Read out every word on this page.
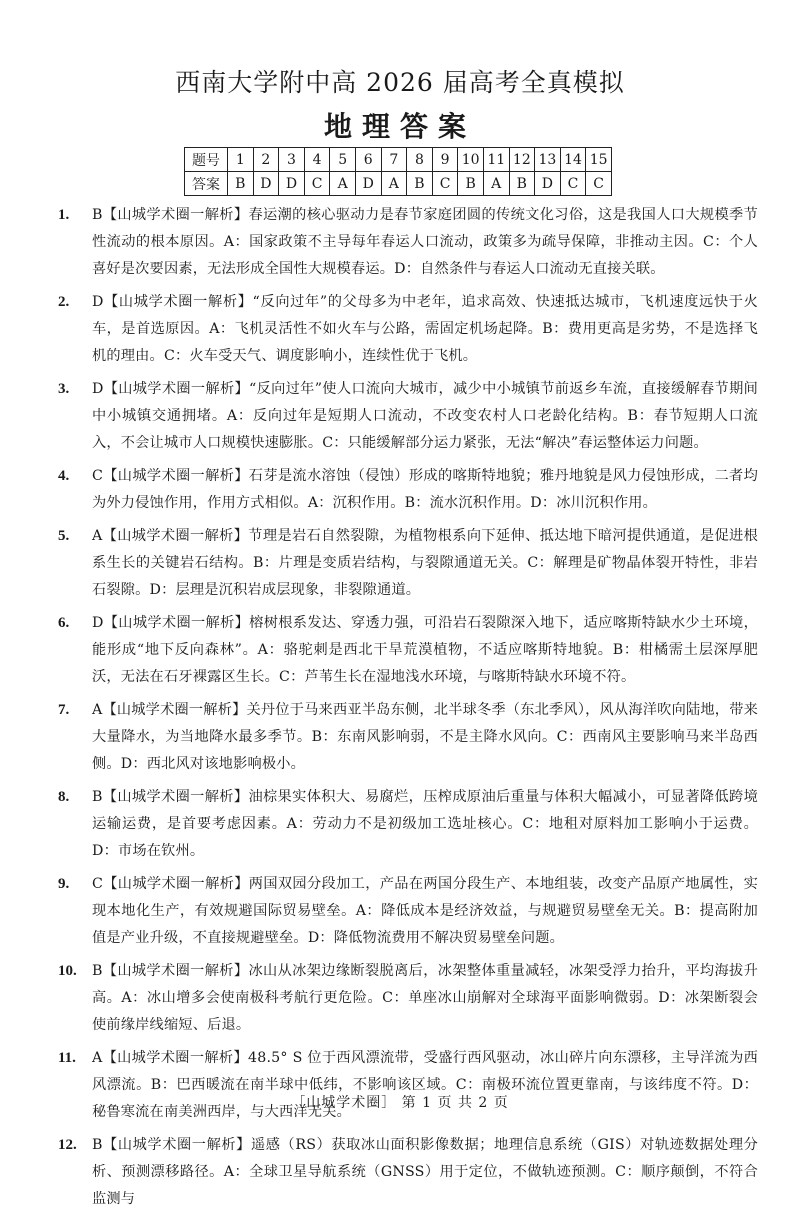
西南大学附中高 2026 届高考全真模拟
地理答案
题号	1	2	3	4	5	6	7	8	9	10	11	12	13	14	15
答案	B	D	D	C	A	D	A	B	C	B	A	B	D	C	C
1. B【山城学术圈一解析】春运潮的核心驱动力是春节家庭团圆的传统文化习俗，这是我国人口大规模季节性流动的根本原因。A：国家政策不主导每年春运人口流动，政策多为疏导保障，非推动主因。C：个人喜好是次要因素，无法形成全国性大规模春运。D：自然条件与春运人口流动无直接关联。
2. D【山城学术圈一解析】“反向过年”的父母多为中老年，追求高效、快速抵达城市，飞机速度远快于火车，是首选原因。A：飞机灵活性不如火车与公路，需固定机场起降。B：费用更高是劣势，不是选择飞机的理由。C：火车受天气、调度影响小，连续性优于飞机。
3. D【山城学术圈一解析】“反向过年”使人口流向大城市，减少中小城镇节前返乡车流，直接缓解春节期间中小城镇交通拥堵。A：反向过年是短期人口流动，不改变农村人口老龄化结构。B：春节短期人口流入，不会让城市人口规模快速膨胀。C：只能缓解部分运力紧张，无法“解决”春运整体运力问题。
4. C【山城学术圈一解析】石芽是流水溶蚀（侵蚀）形成的喀斯特地貌；雅丹地貌是风力侵蚀形成，二者均为外力侵蚀作用，作用方式相似。A：沉积作用。B：流水沉积作用。D：冰川沉积作用。
5. A【山城学术圈一解析】节理是岩石自然裂隙，为植物根系向下延伸、抵达地下暗河提供通道，是促进根系生长的关键岩石结构。B：片理是变质岩结构，与裂隙通道无关。C：解理是矿物晶体裂开特性，非岩石裂隙。D：层理是沉积岩成层现象，非裂隙通道。
6. D【山城学术圈一解析】榕树根系发达、穿透力强，可沿岩石裂隙深入地下，适应喀斯特缺水少土环境，能形成“地下反向森林”。A：骆驼刺是西北干旱荒漠植物，不适应喀斯特地貌。B：柑橘需土层深厚肥沃，无法在石牙裸露区生长。C：芦苇生长在湿地浅水环境，与喀斯特缺水环境不符。
7. A【山城学术圈一解析】关丹位于马来西亚半岛东侧，北半球冬季（东北季风），风从海洋吹向陆地，带来大量降水，为当地降水最多季节。B：东南风影响弱，不是主降水风向。C：西南风主要影响马来半岛西侧。D：西北风对该地影响极小。
8. B【山城学术圈一解析】油棕果实体积大、易腐烂，压榨成原油后重量与体积大幅减小，可显著降低跨境运输运费，是首要考虑因素。A：劳动力不是初级加工选址核心。C：地租对原料加工影响小于运费。D：市场在钦州。
9. C【山城学术圈一解析】两国双园分段加工，产品在两国分段生产、本地组装，改变产品原产地属性，实现本地化生产，有效规避国际贸易壁垒。A：降低成本是经济效益，与规避贸易壁垒无关。B：提高附加值是产业升级，不直接规避壁垒。D：降低物流费用不解决贸易壁垒问题。
10. B【山城学术圈一解析】冰山从冰架边缘断裂脱离后，冰架整体重量减轻，冰架受浮力抬升，平均海拔升高。A：冰山增多会使南极科考航行更危险。C：单座冰山崩解对全球海平面影响微弱。D：冰架断裂会使前缘岸线缩短、后退。
11. A【山城学术圈一解析】48.5° S 位于西风漂流带，受盛行西风驱动，冰山碎片向东漂移，主导洋流为西风漂流。B：巴西暖流在南半球中低纬，不影响该区域。C：南极环流位置更靠南，与该纬度不符。D：秘鲁寒流在南美洲西岸，与大西洋无关。
12. B【山城学术圈一解析】遥感（RS）获取冰山面积影像数据；地理信息系统（GIS）对轨迹数据处理分析、预测漂移路径。A：全球卫星导航系统（GNSS）用于定位，不做轨迹预测。C：顺序颠倒，不符合监测与
［山城学术圈］ 第 1 页 共 2 页
